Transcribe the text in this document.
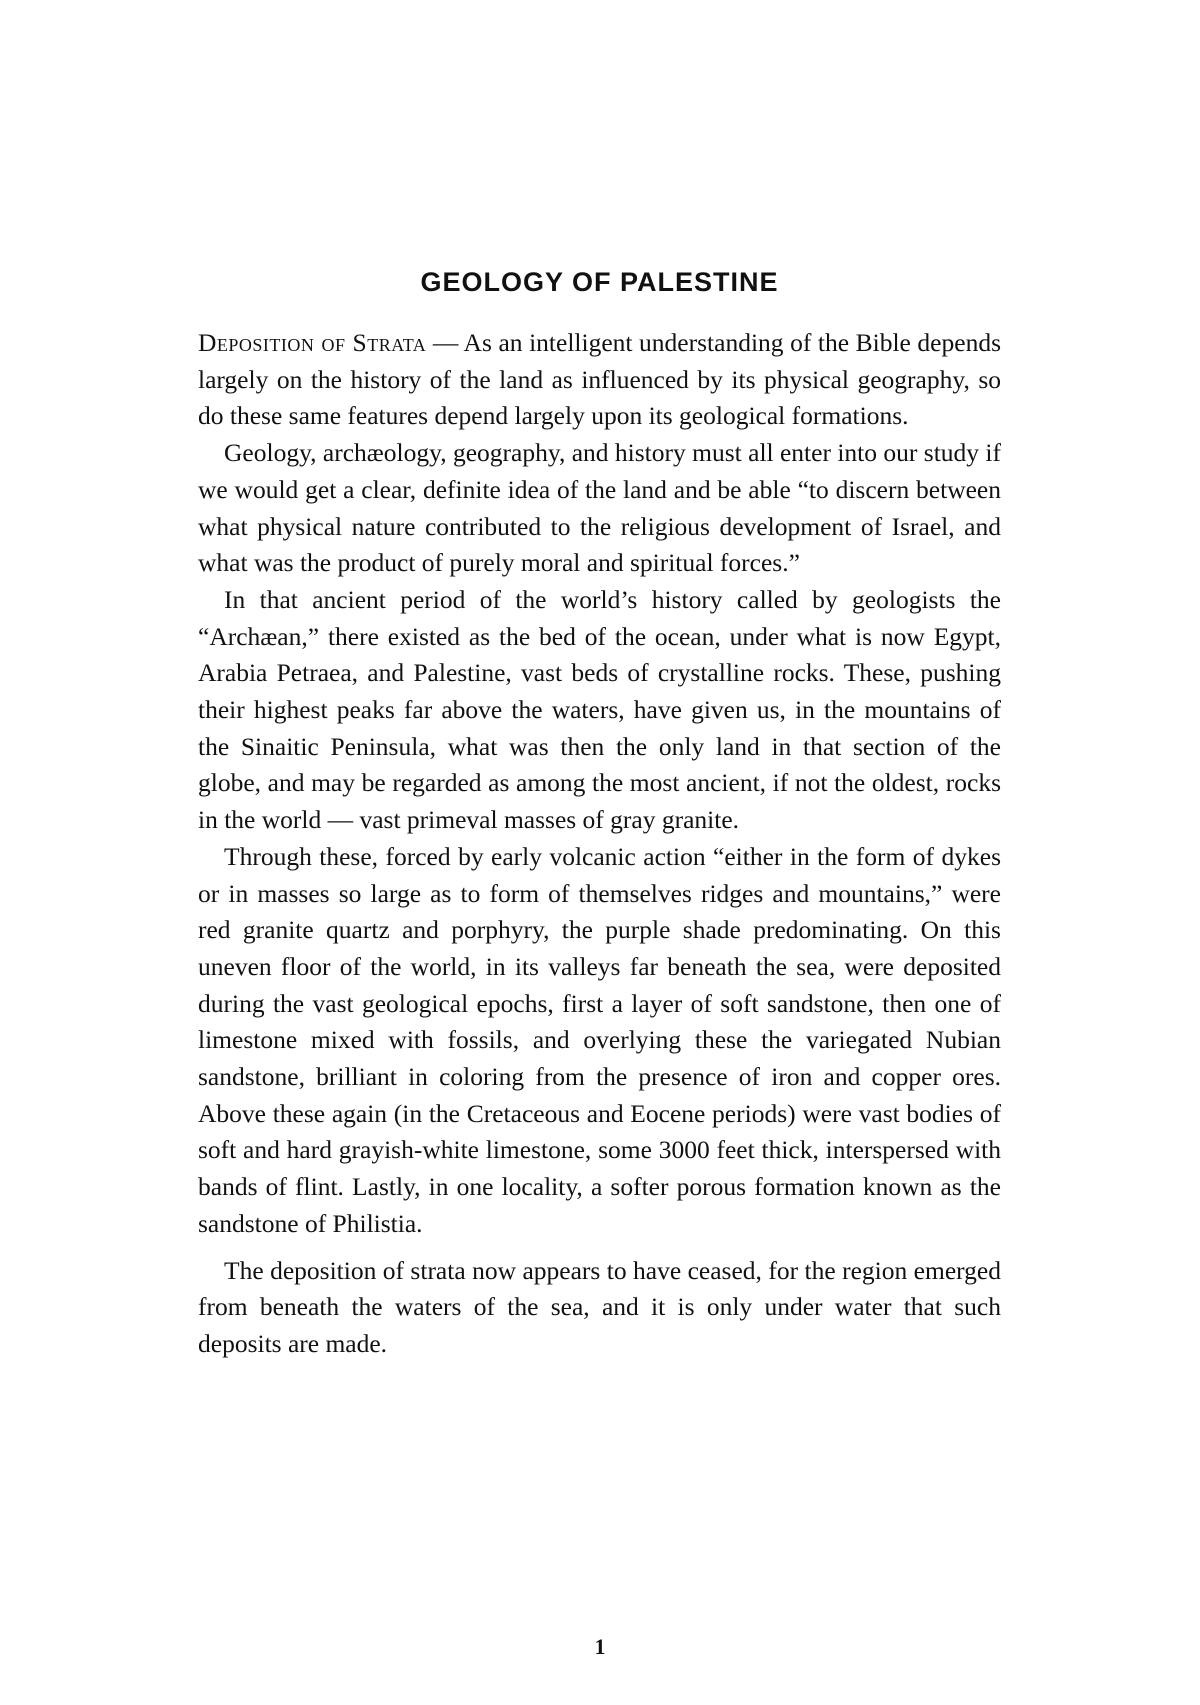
GEOLOGY OF PALESTINE

Deposition of Strata — As an intelligent understanding of the Bible depends largely on the history of the land as influenced by its physical geography, so do these same features depend largely upon its geological formations.

Geology, archæology, geography, and history must all enter into our study if we would get a clear, definite idea of the land and be able “to discern between what physical nature contributed to the religious development of Israel, and what was the product of purely moral and spiritual forces.”

In that ancient period of the world’s history called by geologists the “Archæan,” there existed as the bed of the ocean, under what is now Egypt, Arabia Petraea, and Palestine, vast beds of crystalline rocks. These, pushing their highest peaks far above the waters, have given us, in the mountains of the Sinaitic Peninsula, what was then the only land in that section of the globe, and may be regarded as among the most ancient, if not the oldest, rocks in the world — vast primeval masses of gray granite.

Through these, forced by early volcanic action “either in the form of dykes or in masses so large as to form of themselves ridges and mountains,” were red granite quartz and porphyry, the purple shade predominating. On this uneven floor of the world, in its valleys far beneath the sea, were deposited during the vast geological epochs, first a layer of soft sandstone, then one of limestone mixed with fossils, and overlying these the variegated Nubian sandstone, brilliant in coloring from the presence of iron and copper ores. Above these again (in the Cretaceous and Eocene periods) were vast bodies of soft and hard grayish-white limestone, some 3000 feet thick, interspersed with bands of flint. Lastly, in one locality, a softer porous formation known as the sandstone of Philistia.

The deposition of strata now appears to have ceased, for the region emerged from beneath the waters of the sea, and it is only under water that such deposits are made.

1
